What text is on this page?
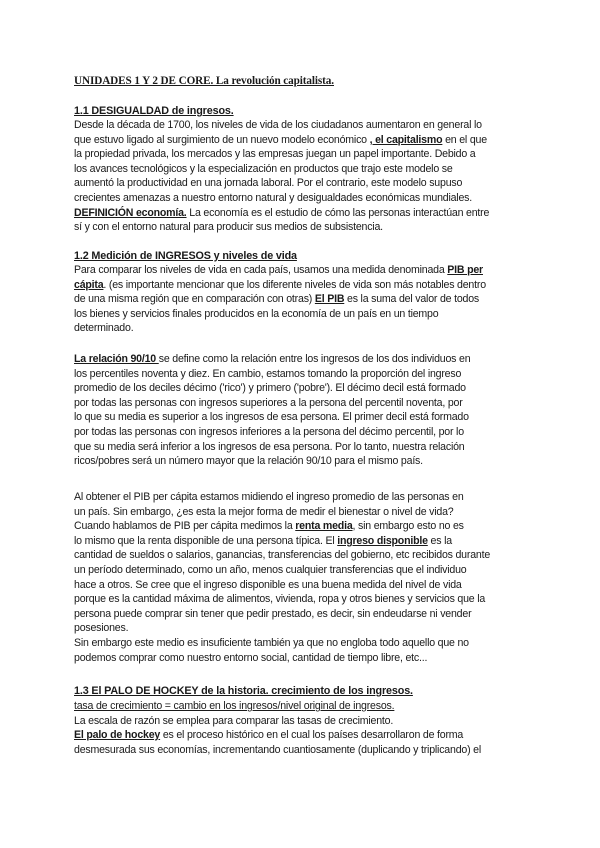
UNIDADES 1 Y 2 DE CORE. La revolución capitalista.
1.1 DESIGUALDAD de ingresos.
Desde la década de 1700, los niveles de vida de los ciudadanos aumentaron en general lo
que estuvo ligado al surgimiento de un nuevo modelo económico , el capitalismo en el que
la propiedad privada, los mercados y las empresas juegan un papel importante. Debido a
los avances tecnológicos y la especialización en productos que trajo este modelo se
aumentó la productividad en una jornada laboral. Por el contrario, este modelo supuso
crecientes amenazas a nuestro entorno natural y desigualdades económicas mundiales.
DEFINICIÓN economía. La economía es el estudio de cómo las personas interactúan entre
sí y con el entorno natural para producir sus medios de subsistencia.
1.2 Medición de INGRESOS y niveles de vida
Para comparar los niveles de vida en cada país, usamos una medida denominada PIB per
cápita. (es importante mencionar que los diferente niveles de vida son más notables dentro
de una misma región que en comparación con otras) El PIB es la suma del valor de todos
los bienes y servicios finales producidos en la economía de un país en un tiempo
determinado.
La relación 90/10 se define como la relación entre los ingresos de los dos individuos en
los percentiles noventa y diez. En cambio, estamos tomando la proporción del ingreso
promedio de los deciles décimo ('rico') y primero ('pobre'). El décimo decil está formado
por todas las personas con ingresos superiores a la persona del percentil noventa, por
lo que su media es superior a los ingresos de esa persona. El primer decil está formado
por todas las personas con ingresos inferiores a la persona del décimo percentil, por lo
que su media será inferior a los ingresos de esa persona. Por lo tanto, nuestra relación
ricos/pobres será un número mayor que la relación 90/10 para el mismo país.
Al obtener el PIB per cápita estamos midiendo el ingreso promedio de las personas en
un país. Sin embargo, ¿es esta la mejor forma de medir el bienestar o nivel de vida?
Cuando hablamos de PIB per cápita medimos la renta media, sin embargo esto no es
lo mismo que la renta disponible de una persona típica. El ingreso disponible es la
cantidad de sueldos o salarios, ganancias, transferencias del gobierno, etc recibidos durante
un período determinado, como un año, menos cualquier transferencias que el individuo
hace a otros. Se cree que el ingreso disponible es una buena medida del nivel de vida
porque es la cantidad máxima de alimentos, vivienda, ropa y otros bienes y servicios que la
persona puede comprar sin tener que pedir prestado, es decir, sin endeudarse ni vender
posesiones.
Sin embargo este medio es insuficiente también ya que no engloba todo aquello que no
podemos comprar como nuestro entorno social, cantidad de tiempo libre, etc...
1.3 El PALO DE HOCKEY de la historia. crecimiento de los ingresos.
tasa de crecimiento = cambio en los ingresos/nivel original de ingresos.
La escala de razón se emplea para comparar las tasas de crecimiento.
El palo de hockey es el proceso histórico en el cual los países desarrollaron de forma
desmesurada sus economías, incrementando cuantiosamente (duplicando y triplicando) el
